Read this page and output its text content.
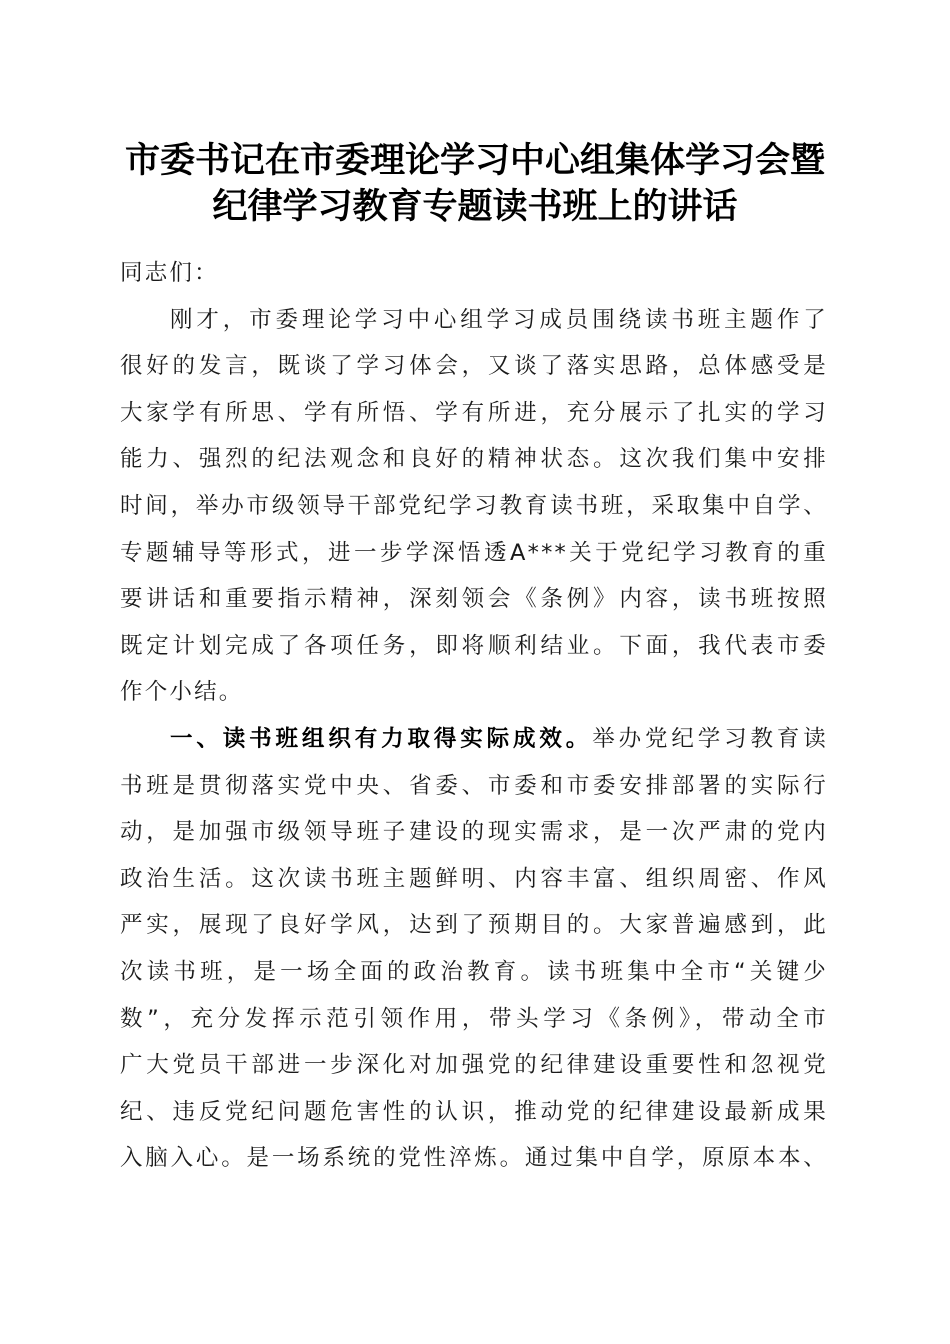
市委书记在市委理论学习中心组集体学习会暨
纪律学习教育专题读书班上的讲话

同志们：

刚才，市委理论学习中心组学习成员围绕读书班主题作了
很好的发言，既谈了学习体会，又谈了落实思路，总体感受是
大家学有所思、学有所悟、学有所进，充分展示了扎实的学习
能力、强烈的纪法观念和良好的精神状态。这次我们集中安排
时间，举办市级领导干部党纪学习教育读书班，采取集中自学、
专题辅导等形式，进一步学深悟透A***关于党纪学习教育的重
要讲话和重要指示精神，深刻领会《条例》内容，读书班按照
既定计划完成了各项任务，即将顺利结业。下面，我代表市委
作个小结。
一、读书班组织有力取得实际成效。举办党纪学习教育读
书班是贯彻落实党中央、省委、市委和市委安排部署的实际行
动，是加强市级领导班子建设的现实需求，是一次严肃的党内
政治生活。这次读书班主题鲜明、内容丰富、组织周密、作风
严实，展现了良好学风，达到了预期目的。大家普遍感到，此
次读书班，是一场全面的政治教育。读书班集中全市“关键少
数”，充分发挥示范引领作用，带头学习《条例》，带动全市
广大党员干部进一步深化对加强党的纪律建设重要性和忽视党
纪、违反党纪问题危害性的认识，推动党的纪律建设最新成果
入脑入心。是一场系统的党性淬炼。通过集中自学，原原本本、
